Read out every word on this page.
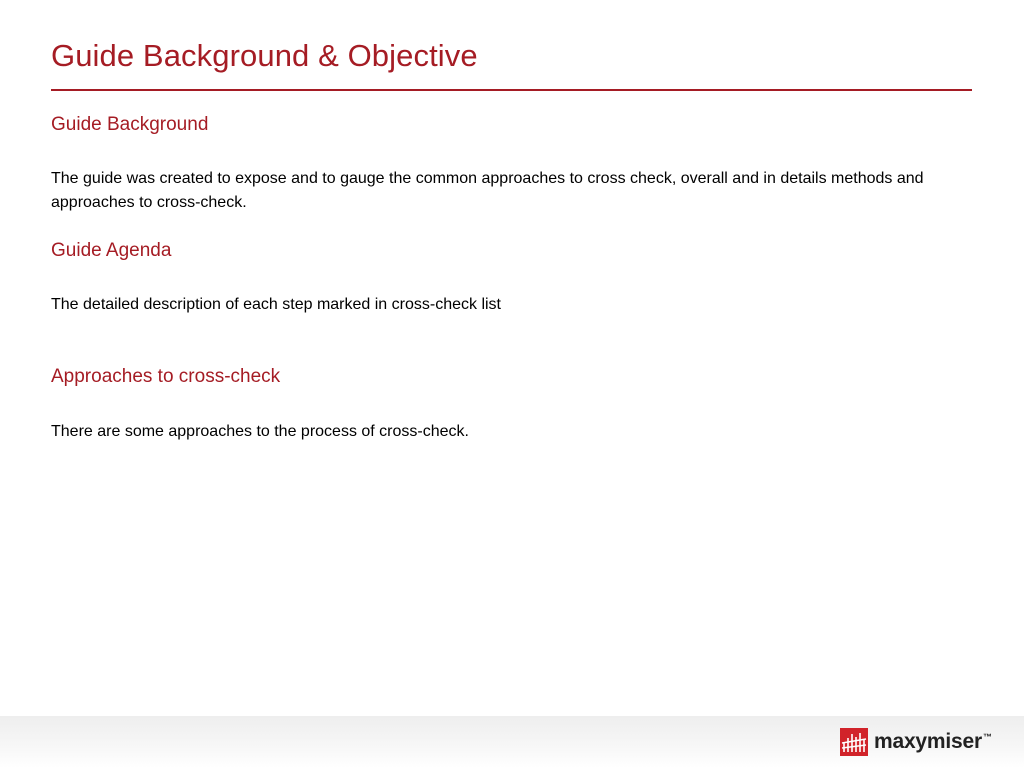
Guide Background & Objective
Guide Background

The guide was created to expose and to gauge the common approaches to cross check, overall and in details methods and approaches to cross-check.

Guide Agenda

The detailed description of each step marked in cross-check list

Approaches to cross-check

There are some approaches to the process of cross-check.

maxymiser ™
